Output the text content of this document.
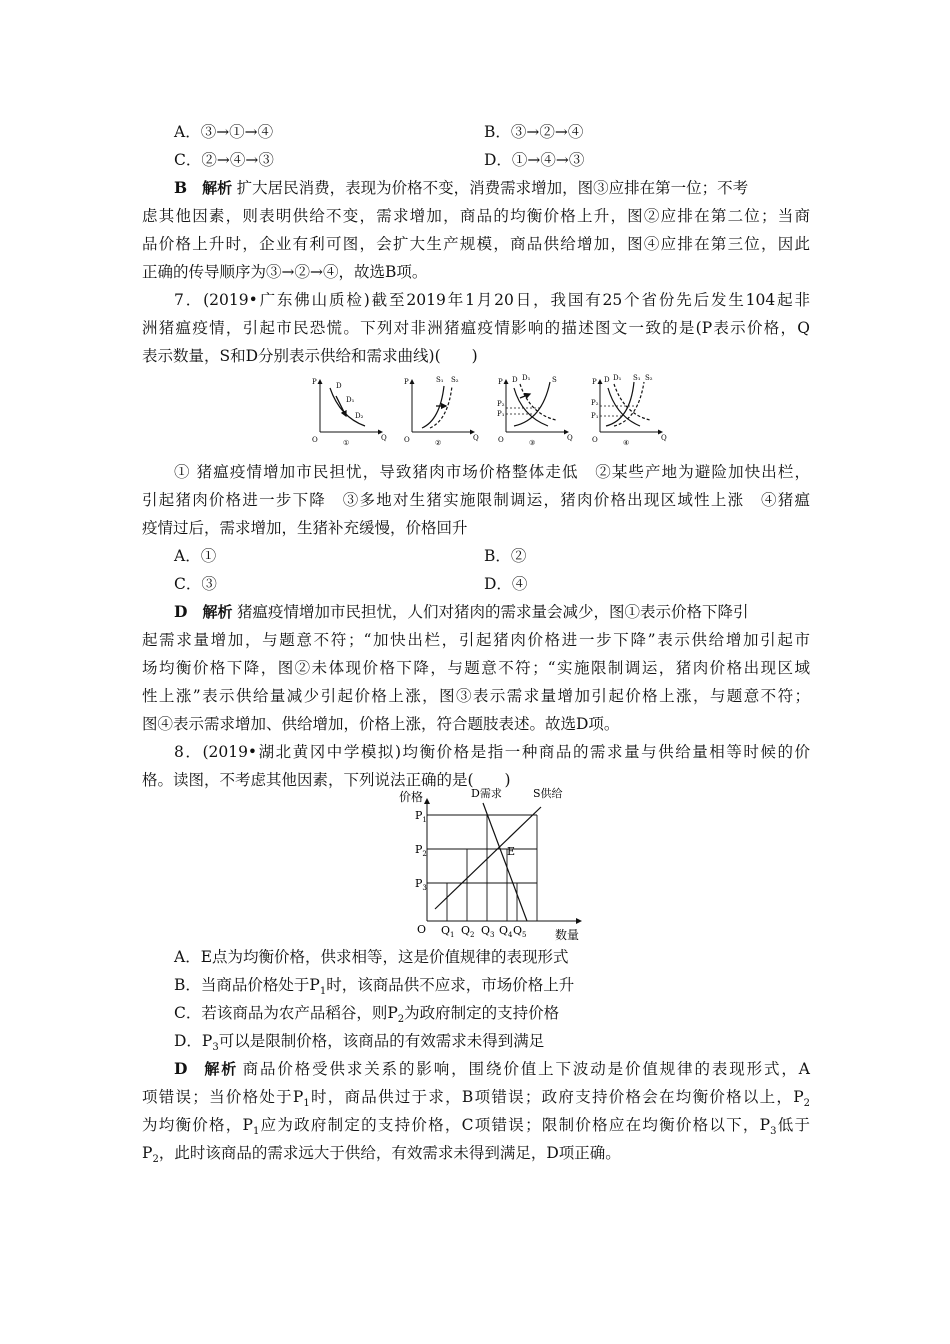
A．③→①→④	B．③→②→④
C．②→④→③	D．①→④→③
B 解析 扩大居民消费，表现为价格不变，消费需求增加，图③应排在第一位；不考
虑其他因素，则表明供给不变，需求增加，商品的均衡价格上升，图②应排在第二位；当商
品价格上升时，企业有利可图，会扩大生产规模，商品供给增加，图④应排在第三位，因此
正确的传导顺序为③→②→④，故选B项。
7．(2019•广东佛山质检)截至2019年1月20日，我国有25个省份先后发生104起非
洲猪瘟疫情，引起市民恐慌。下列对非洲猪瘟疫情影响的描述图文一致的是(P表示价格，Q
表示数量，S和D分别表示供给和需求曲线)(　　)
P
Q
O
D
D₁
D₂
①
P
Q
O
S₁ S₂
②
P
Q
O
D D₁	S
P₂
P₁
③
P
Q
O
D D₁ S₁ S₂
P₂
P₁
④
① 猪瘟疫情增加市民担忧，导致猪肉市场价格整体走低　②某些产地为避险加快出栏，
引起猪肉价格进一步下降　③多地对生猪实施限制调运，猪肉价格出现区域性上涨　④猪瘟
疫情过后，需求增加，生猪补充缓慢，价格回升
A．①	B．②
C．③	D．④
D 解析 猪瘟疫情增加市民担忧，人们对猪肉的需求量会减少，图①表示价格下降引
起需求量增加，与题意不符；“加快出栏，引起猪肉价格进一步下降”表示供给增加引起市
场均衡价格下降，图②未体现价格下降，与题意不符；“实施限制调运，猪肉价格出现区域
性上涨”表示供给量减少引起价格上涨，图③表示需求量增加引起价格上涨，与题意不符；
图④表示需求增加、供给增加，价格上涨，符合题肢表述。故选D项。
8．(2019•湖北黄冈中学模拟)均衡价格是指一种商品的需求量与供给量相等时候的价
格。读图，不考虑其他因素，下列说法正确的是(　　)
价格
数量
O
D需求	S供给
E
$P_1$
$P_2$
$P_3$
$Q_1$ $Q_2$ $Q_3$ $Q_4$ $Q_5$
A．E点为均衡价格，供求相等，这是价值规律的表现形式
B．当商品价格处于$P_1$时，该商品供不应求，市场价格上升
C．若该商品为农产品稻谷，则$P_2$为政府制定的支持价格
D．$P_3$可以是限制价格，该商品的有效需求未得到满足
D 解析 商品价格受供求关系的影响，围绕价值上下波动是价值规律的表现形式，A
项错误；当价格处于$P_1$时，商品供过于求，B项错误；政府支持价格会在均衡价格以上，$P_2$
为均衡价格，$P_1$应为政府制定的支持价格，C项错误；限制价格应在均衡价格以下，$P_3$低于
$P_2$，此时该商品的需求远大于供给，有效需求未得到满足，D项正确。
